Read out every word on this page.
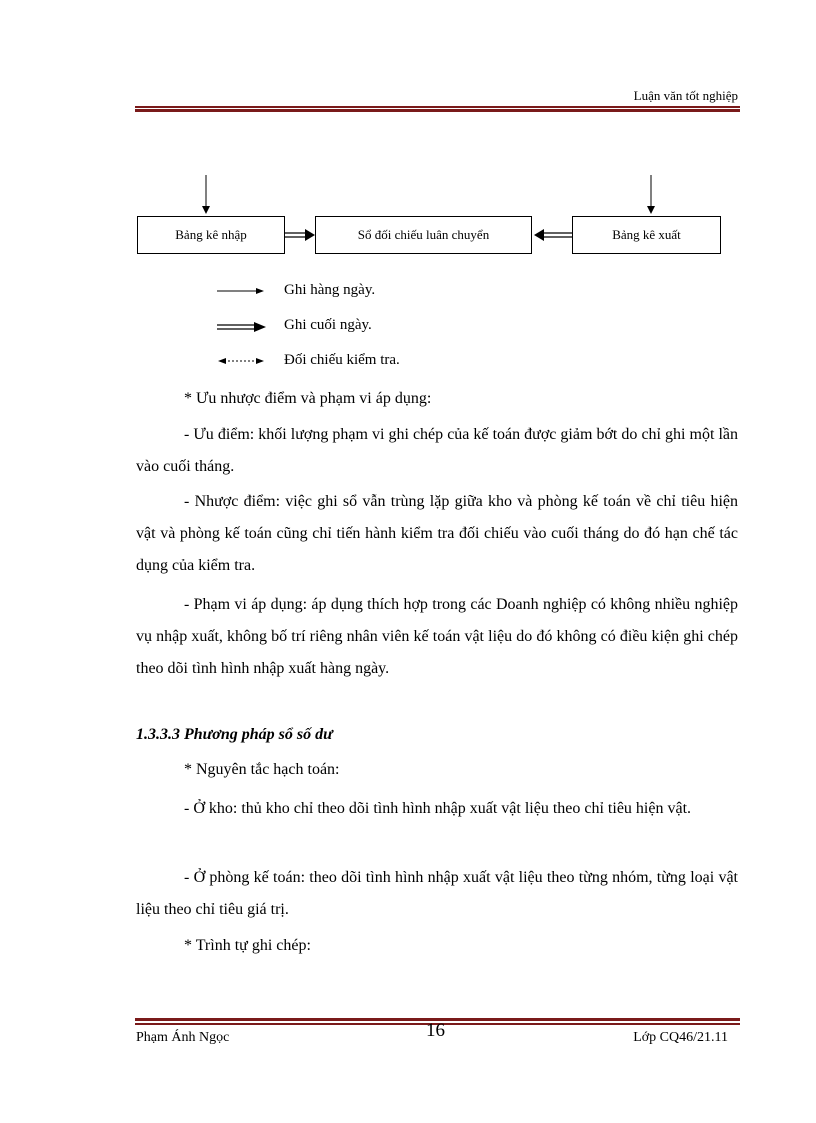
Luận văn tốt nghiệp
Bảng kê nhập	Sổ đối chiếu luân chuyển	Bảng kê xuất
Ghi hàng ngày.
Ghi cuối ngày.
Đối chiếu kiểm tra.
* Ưu nhược điểm và phạm vi áp dụng:
- Ưu điểm: khối lượng phạm vi ghi chép của kế toán được giảm bớt do chỉ ghi một lần vào cuối tháng.
- Nhược điểm: việc ghi sổ vẫn trùng lặp giữa kho và phòng kế toán về chỉ tiêu hiện vật và phòng kế toán cũng chỉ tiến hành kiểm tra đối chiếu vào cuối tháng do đó hạn chế tác dụng của kiểm tra.
- Phạm vi áp dụng: áp dụng thích hợp trong các Doanh nghiệp có không nhiều nghiệp vụ nhập xuất, không bố trí riêng nhân viên kế toán vật liệu do đó không có điều kiện ghi chép theo dõi tình hình nhập xuất hàng ngày.
1.3.3.3 Phương pháp sổ số dư
* Nguyên tắc hạch toán:
- Ở kho: thủ kho chỉ theo dõi tình hình nhập xuất vật liệu theo chỉ tiêu hiện vật.
- Ở phòng kế toán: theo dõi tình hình nhập xuất vật liệu theo từng nhóm, từng loại vật liệu theo chỉ tiêu giá trị.
* Trình tự ghi chép:
Phạm Ánh Ngọc	16	Lớp CQ46/21.11
